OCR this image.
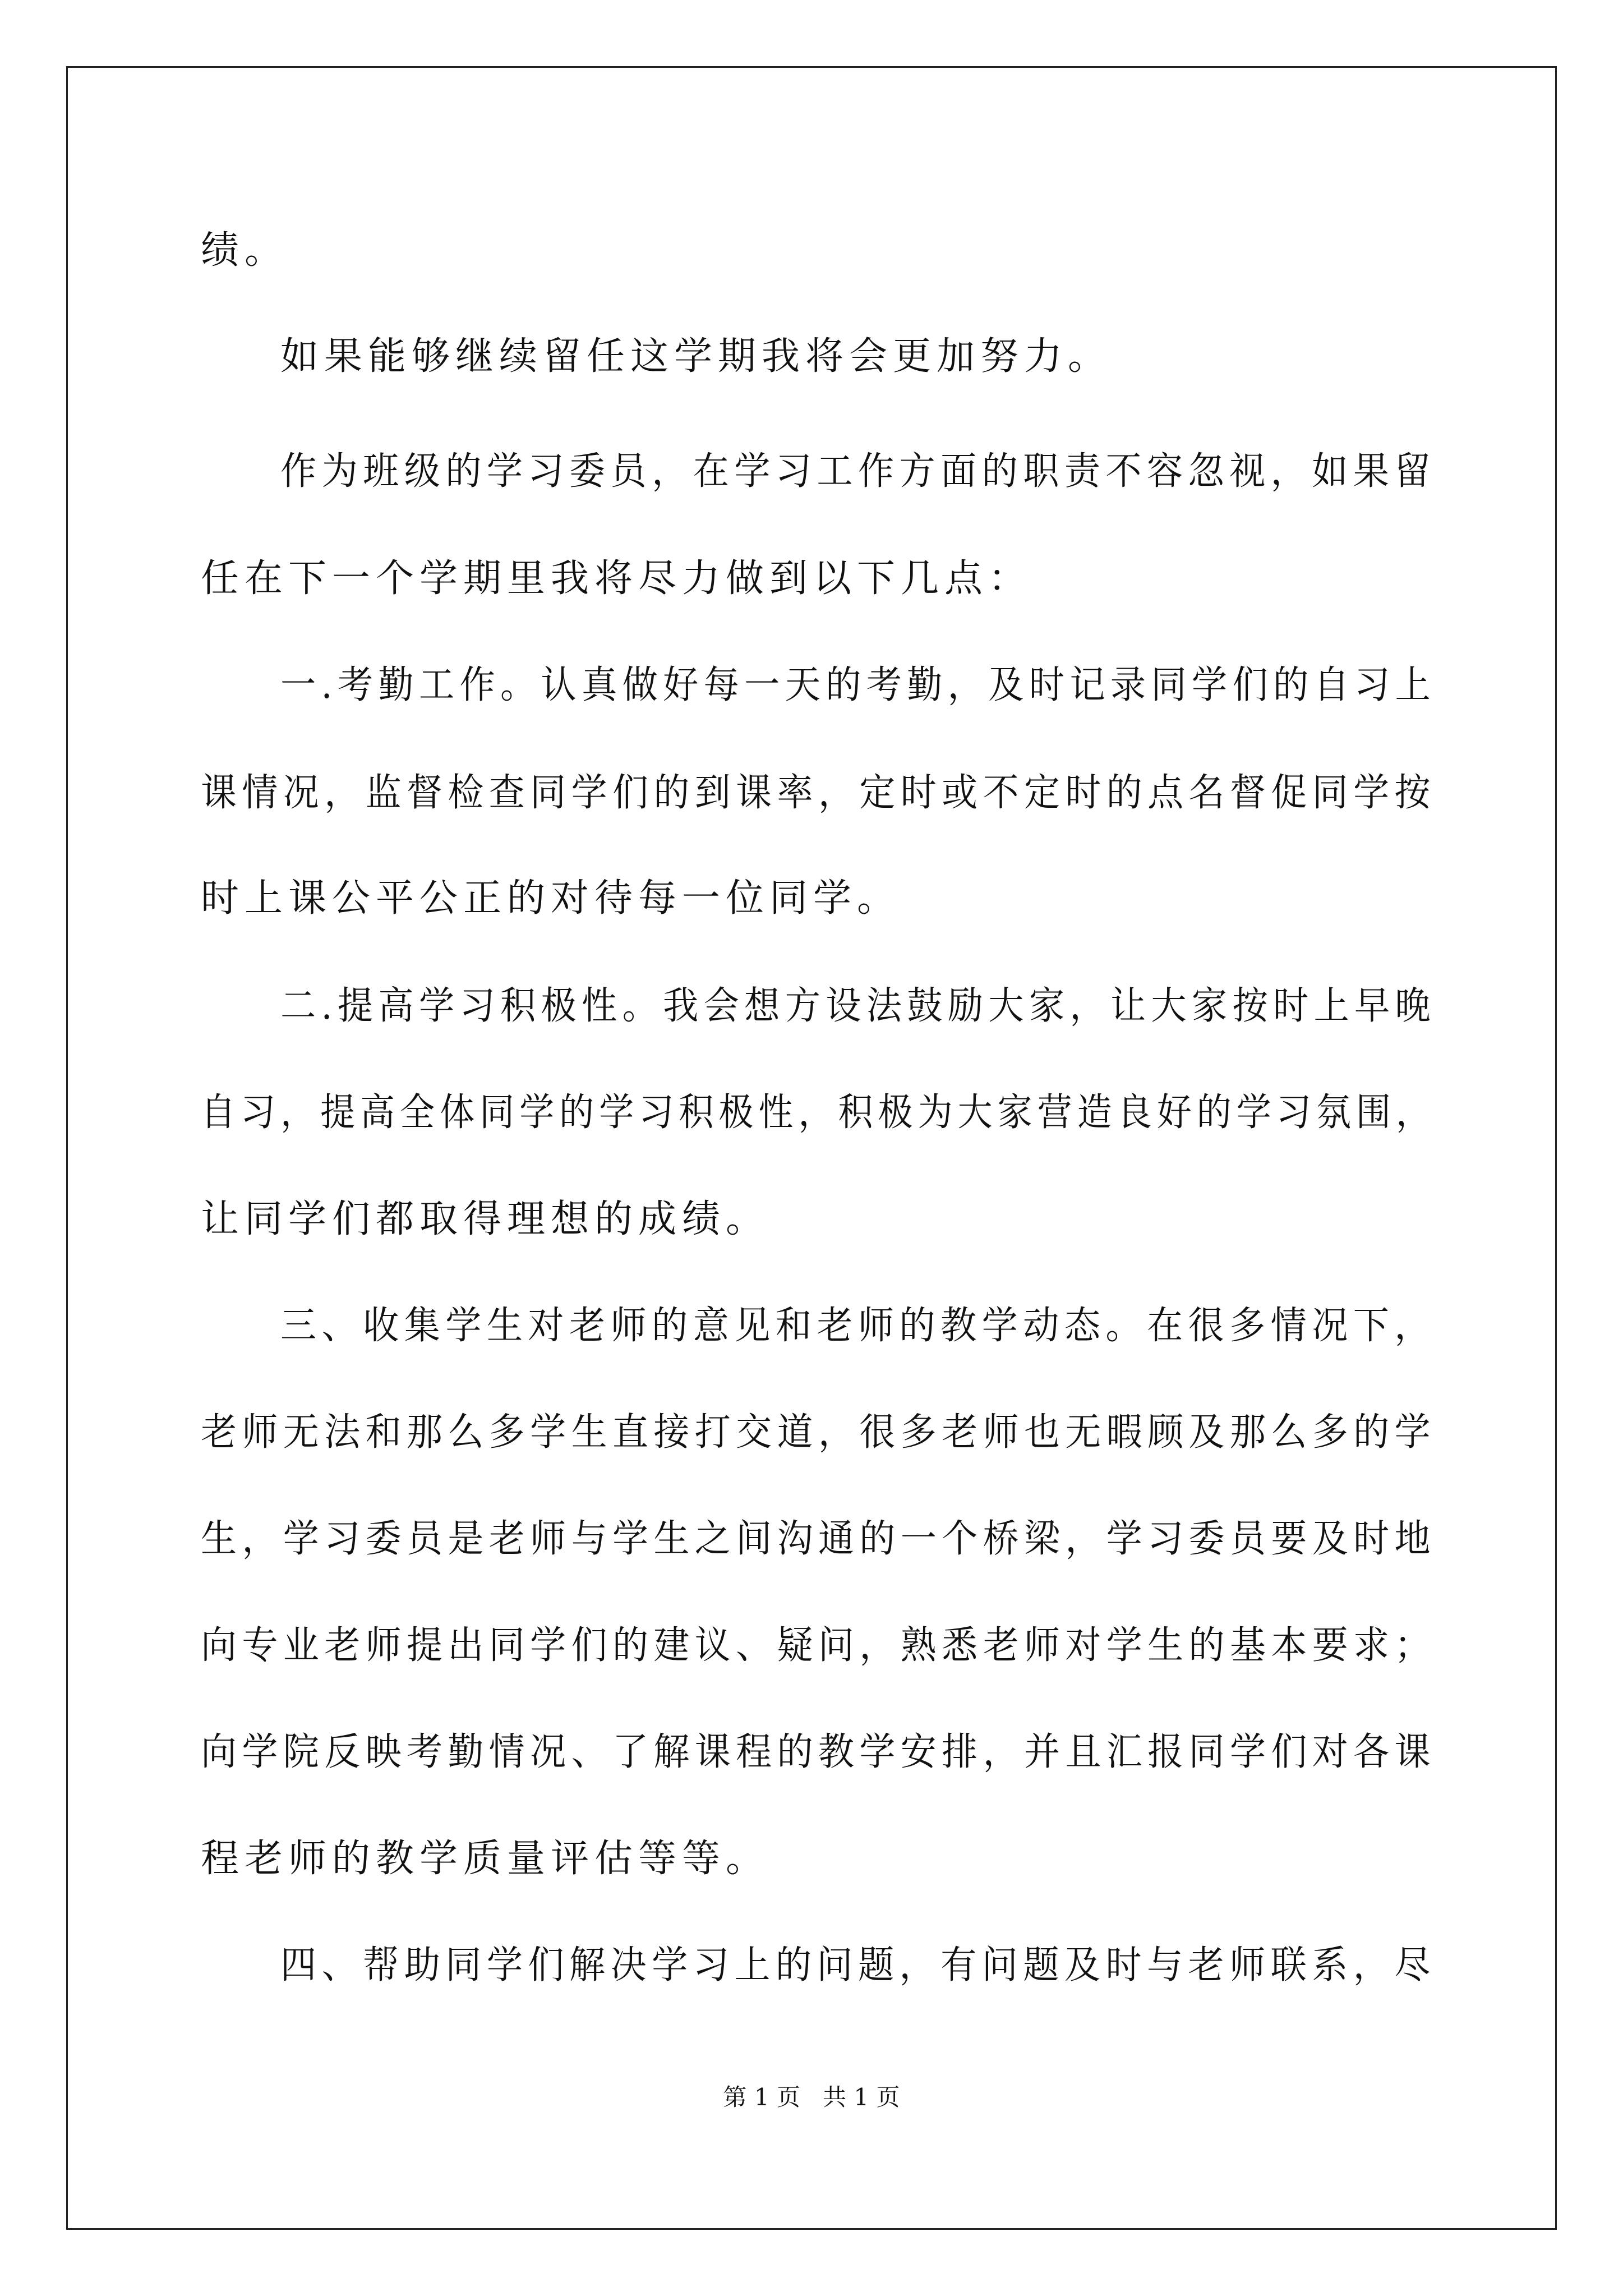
绩。
如果能够继续留任这学期我将会更加努力。
作为班级的学习委员，在学习工作方面的职责不容忽视，如果留
任在下一个学期里我将尽力做到以下几点：
一.考勤工作。认真做好每一天的考勤，及时记录同学们的自习上
课情况，监督检查同学们的到课率，定时或不定时的点名督促同学按
时上课公平公正的对待每一位同学。
二.提高学习积极性。我会想方设法鼓励大家，让大家按时上早晚
自习，提高全体同学的学习积极性，积极为大家营造良好的学习氛围，
让同学们都取得理想的成绩。
三、收集学生对老师的意见和老师的教学动态。在很多情况下，
老师无法和那么多学生直接打交道，很多老师也无暇顾及那么多的学
生，学习委员是老师与学生之间沟通的一个桥梁，学习委员要及时地
向专业老师提出同学们的建议、疑问，熟悉老师对学生的基本要求；
向学院反映考勤情况、了解课程的教学安排，并且汇报同学们对各课
程老师的教学质量评估等等。
四、帮助同学们解决学习上的问题，有问题及时与老师联系，尽
第 1 页   共 1 页
